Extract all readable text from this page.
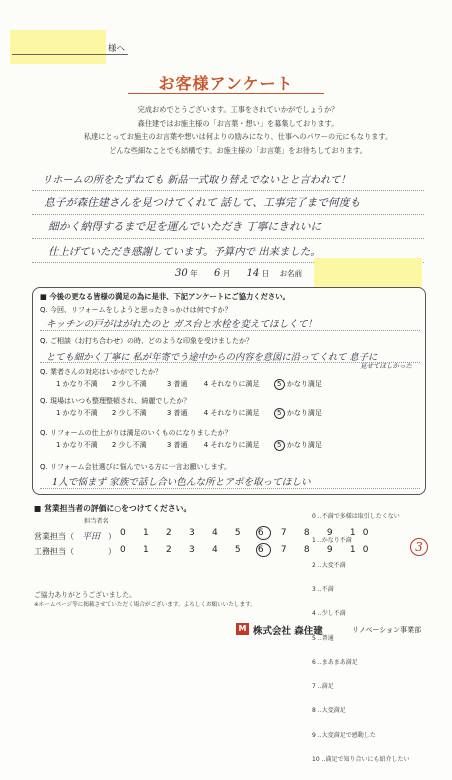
様へ
お客様アンケート
完成おめでとうございます。工事をされていかがでしょうか？
森住建ではお施主様の「お言葉・想い」を募集しております。
私達にとってお施主のお言葉や想いは何よりの励みになり、仕事へのパワーの元にもなります。
どんな些細なことでも結構です。お施主様の「お言葉」をお待ちしております。
リホームの所をたずねても 新品一式取り替えでないとと言われて！
息子が森住建さんを見つけてくれて 話して、工事完了まで何度も
細かく納得するまで足を運んでいただき 丁寧にきれいに
仕上げていただき感謝しています。予算内で 出来ました。
30 年 6 月 14 日 お名前
■ 今後の更なる皆様の満足の為に是非、下記アンケートにご協力ください。
Q. 今回、リフォームをしようと思ったきっかけは何ですか？
キッチンの戸がはがれたのと ガス台と水栓を変えてほしくて！
Q. ご相談（お打ち合わせ）の時、どのような印象を受けましたか？
とても細かく丁寧に 私が年寄でう途中からの内容を意図に沿ってくれて 息子に
見せてほしかった
Q. 業者さんの対応はいかがでしたか？
1 かなり不満 2 少し不満	3 普通 4 それなりに満足	5 かなり満足
Q. 現場はいつも整理整頓され、綺麗でしたか？
1 かなり不満 2 少し不満	3 普通 4 それなりに満足	5 かなり満足
Q. リフォームの仕上がりは満足のいくものになりましたか？
1 かなり不満 2 少し不満	3 普通 4 それなりに満足	5 かなり満足
Q. リフォーム会社選びに悩んでいる方に一言お願いします。
1人で悩まず 家族で話し合い色んな所とアポを取ってほしい
■ 営業担当者の評価に○をつけてください。
担当者名
営業担当（ 平田 ） 0 1 2 3 4 5 6 7 8 9 10
工務担当（	） 0 1 2 3 4 5 6 7 8 9 10

0 ‥不満で多様は取引したくない

1 ‥かなり不満

2 ‥大変不満

3 ‥不満

4 ‥少し不満

5 ‥普通

6 ‥まあまあ満足

7 ‥満足

8 ‥大変満足

9 ‥大変満足で感動した

10 ‥満足で知り合いにも紹介したい

3
ご協力ありがとうございました。
※ホームページ等に掲載させていただく場合がございます。よろしくお願いいたします。
M 株式会社 森住建	リノベーション事業部
